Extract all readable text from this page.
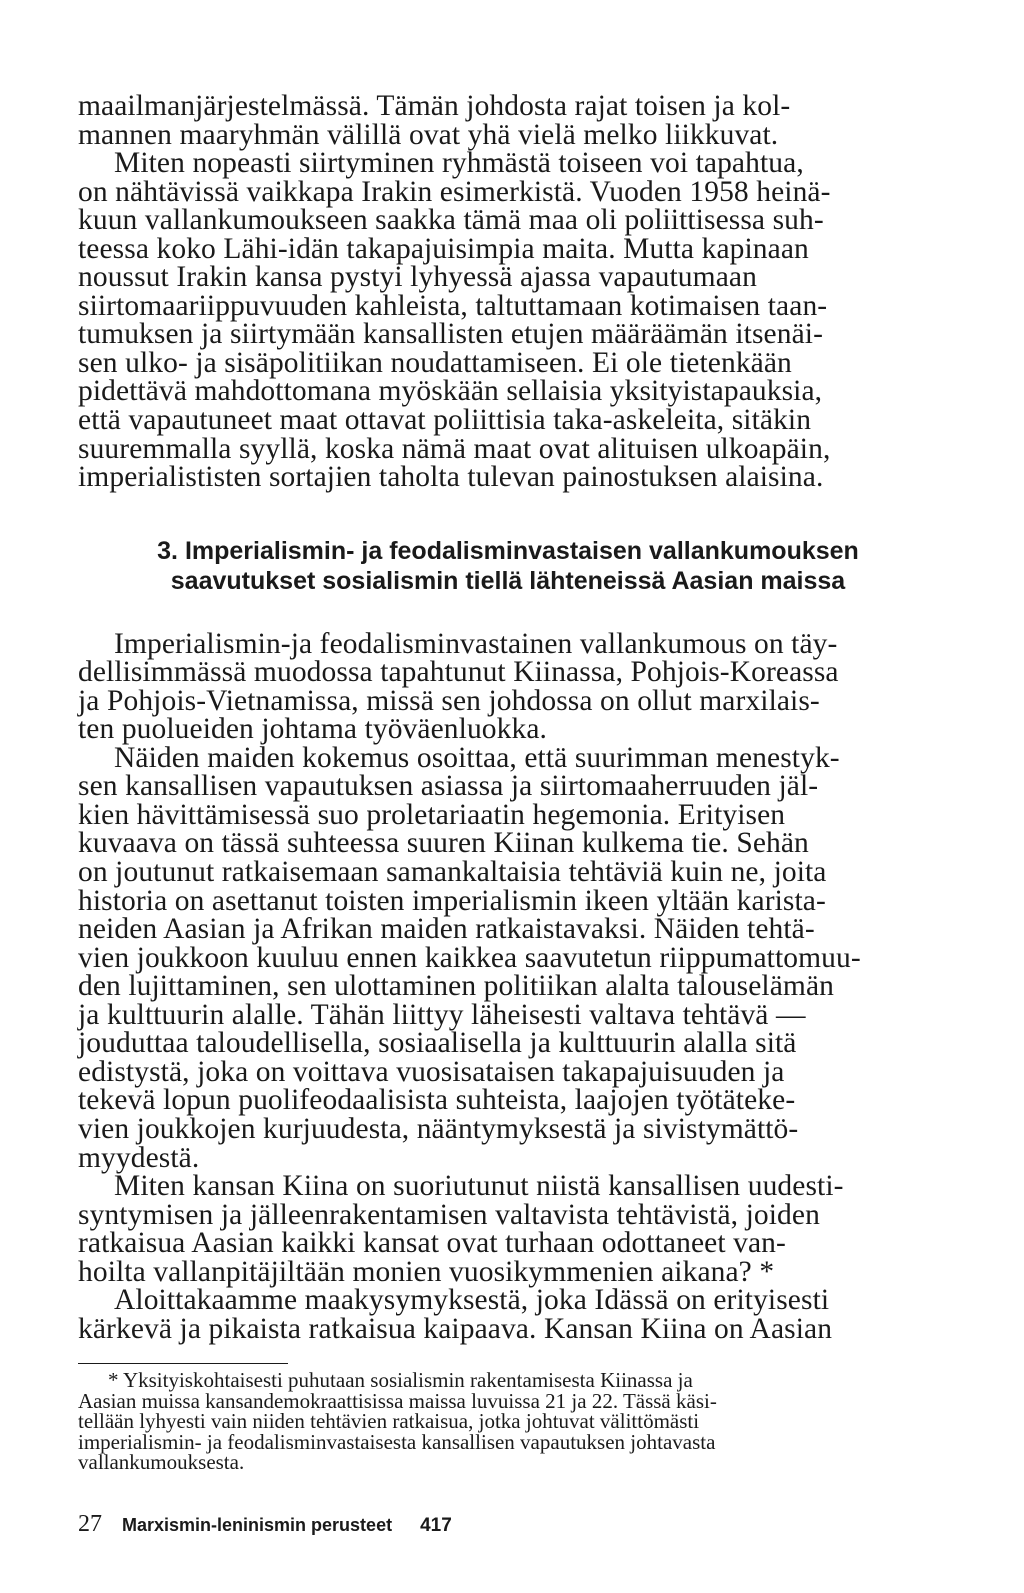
maailmanjärjestelmässä. Tämän johdosta rajat toisen ja kol-
mannen maaryhmän välillä ovat yhä vielä melko liikkuvat.
Miten nopeasti siirtyminen ryhmästä toiseen voi tapahtua,
on nähtävissä vaikkapa Irakin esimerkistä. Vuoden 1958 heinä-
kuun vallankumoukseen saakka tämä maa oli poliittisessa suh-
teessa koko Lähi-idän takapajuisimpia maita. Mutta kapinaan
noussut Irakin kansa pystyi lyhyessä ajassa vapautumaan
siirtomaariippuvuuden kahleista, taltuttamaan kotimaisen taan-
tumuksen ja siirtymään kansallisten etujen määräämän itsenäi-
sen ulko- ja sisäpolitiikan noudattamiseen. Ei ole tietenkään
pidettävä mahdottomana myöskään sellaisia yksityistapauksia,
että vapautuneet maat ottavat poliittisia taka-askeleita, sitäkin
suuremmalla syyllä, koska nämä maat ovat alituisen ulkoapäin,
imperialististen sortajien taholta tulevan painostuksen alaisina.
3. Imperialismin- ja feodalisminvastaisen vallankumouksen
saavutukset sosialismin tiellä lähteneissä Aasian maissa
Imperialismin-ja feodalisminvastainen vallankumous on täy-
dellisimmässä muodossa tapahtunut Kiinassa, Pohjois-Koreassa
ja Pohjois-Vietnamissa, missä sen johdossa on ollut marxilais-
ten puolueiden johtama työväenluokka.
Näiden maiden kokemus osoittaa, että suurimman menestyk-
sen kansallisen vapautuksen asiassa ja siirtomaaherruuden jäl-
kien hävittämisessä suo proletariaatin hegemonia. Erityisen
kuvaava on tässä suhteessa suuren Kiinan kulkema tie. Sehän
on joutunut ratkaisemaan samankaltaisia tehtäviä kuin ne, joita
historia on asettanut toisten imperialismin ikeen yltään karista-
neiden Aasian ja Afrikan maiden ratkaistavaksi. Näiden tehtä-
vien joukkoon kuuluu ennen kaikkea saavutetun riippumattomuu-
den lujittaminen, sen ulottaminen politiikan alalta talouselämän
ja kulttuurin alalle. Tähän liittyy läheisesti valtava tehtävä —
jouduttaa taloudellisella, sosiaalisella ja kulttuurin alalla sitä
edistystä, joka on voittava vuosisataisen takapajuisuuden ja
tekevä lopun puolifeodaalisista suhteista, laajojen työtäteke-
vien joukkojen kurjuudesta, nääntymyksestä ja sivistymättö-
myydestä.
Miten kansan Kiina on suoriutunut niistä kansallisen uudesti-
syntymisen ja jälleenrakentamisen valtavista tehtävistä, joiden
ratkaisua Aasian kaikki kansat ovat turhaan odottaneet van-
hoilta vallanpitäjiltään monien vuosikymmenien aikana? *
Aloittakaamme maakysymyksestä, joka Idässä on erityisesti
kärkevä ja pikaista ratkaisua kaipaava. Kansan Kiina on Aasian
* Yksityiskohtaisesti puhutaan sosialismin rakentamisesta Kiinassa ja
Aasian muissa kansandemokraattisissa maissa luvuissa 21 ja 22. Tässä käsi-
tellään lyhyesti vain niiden tehtävien ratkaisua, jotka johtuvat välittömästi
imperialismin- ja feodalisminvastaisesta kansallisen vapautuksen johtavasta
vallankumouksesta.
27 Marxismin-leninismin perusteet 417
